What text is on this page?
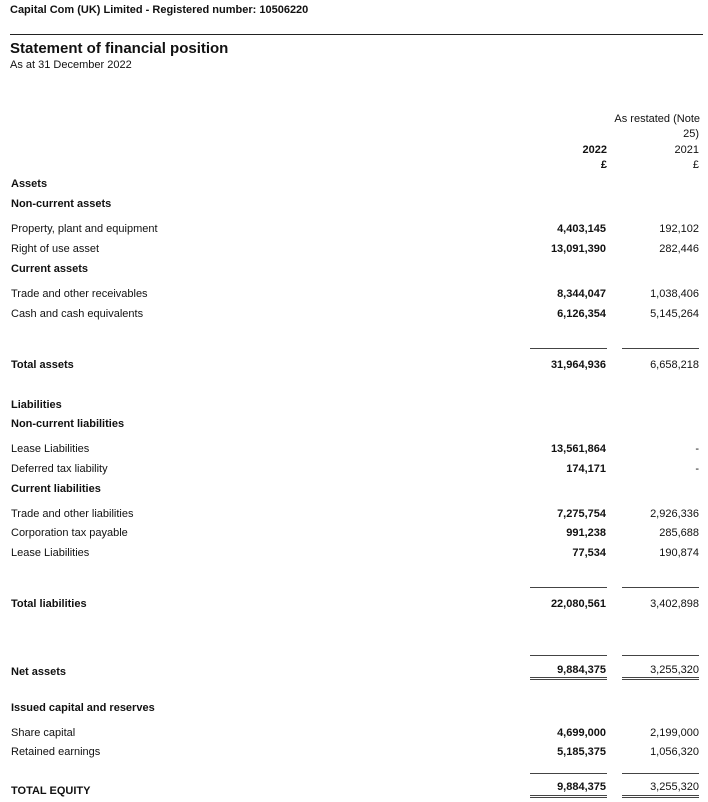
Capital Com (UK) Limited - Registered number: 10506220
Statement of financial position
As at 31 December 2022
As restated (Note
25)
2022	2021
£	£
Assets
Non-current assets
Property, plant and equipment	4,403,145	192,102
Right of use asset	13,091,390	282,446
Current assets
Trade and other receivables	8,344,047	1,038,406
Cash and cash equivalents	6,126,354	5,145,264
Total assets	31,964,936	6,658,218
Liabilities
Non-current liabilities
Lease Liabilities	13,561,864	-
Deferred tax liability	174,171	-
Current liabilities
Trade and other liabilities	7,275,754	2,926,336
Corporation tax payable	991,238	285,688
Lease Liabilities	77,534	190,874
Total liabilities	22,080,561	3,402,898
Net assets	9,884,375	3,255,320
Issued capital and reserves
Share capital	4,699,000	2,199,000
Retained earnings	5,185,375	1,056,320
TOTAL EQUITY	9,884,375	3,255,320
